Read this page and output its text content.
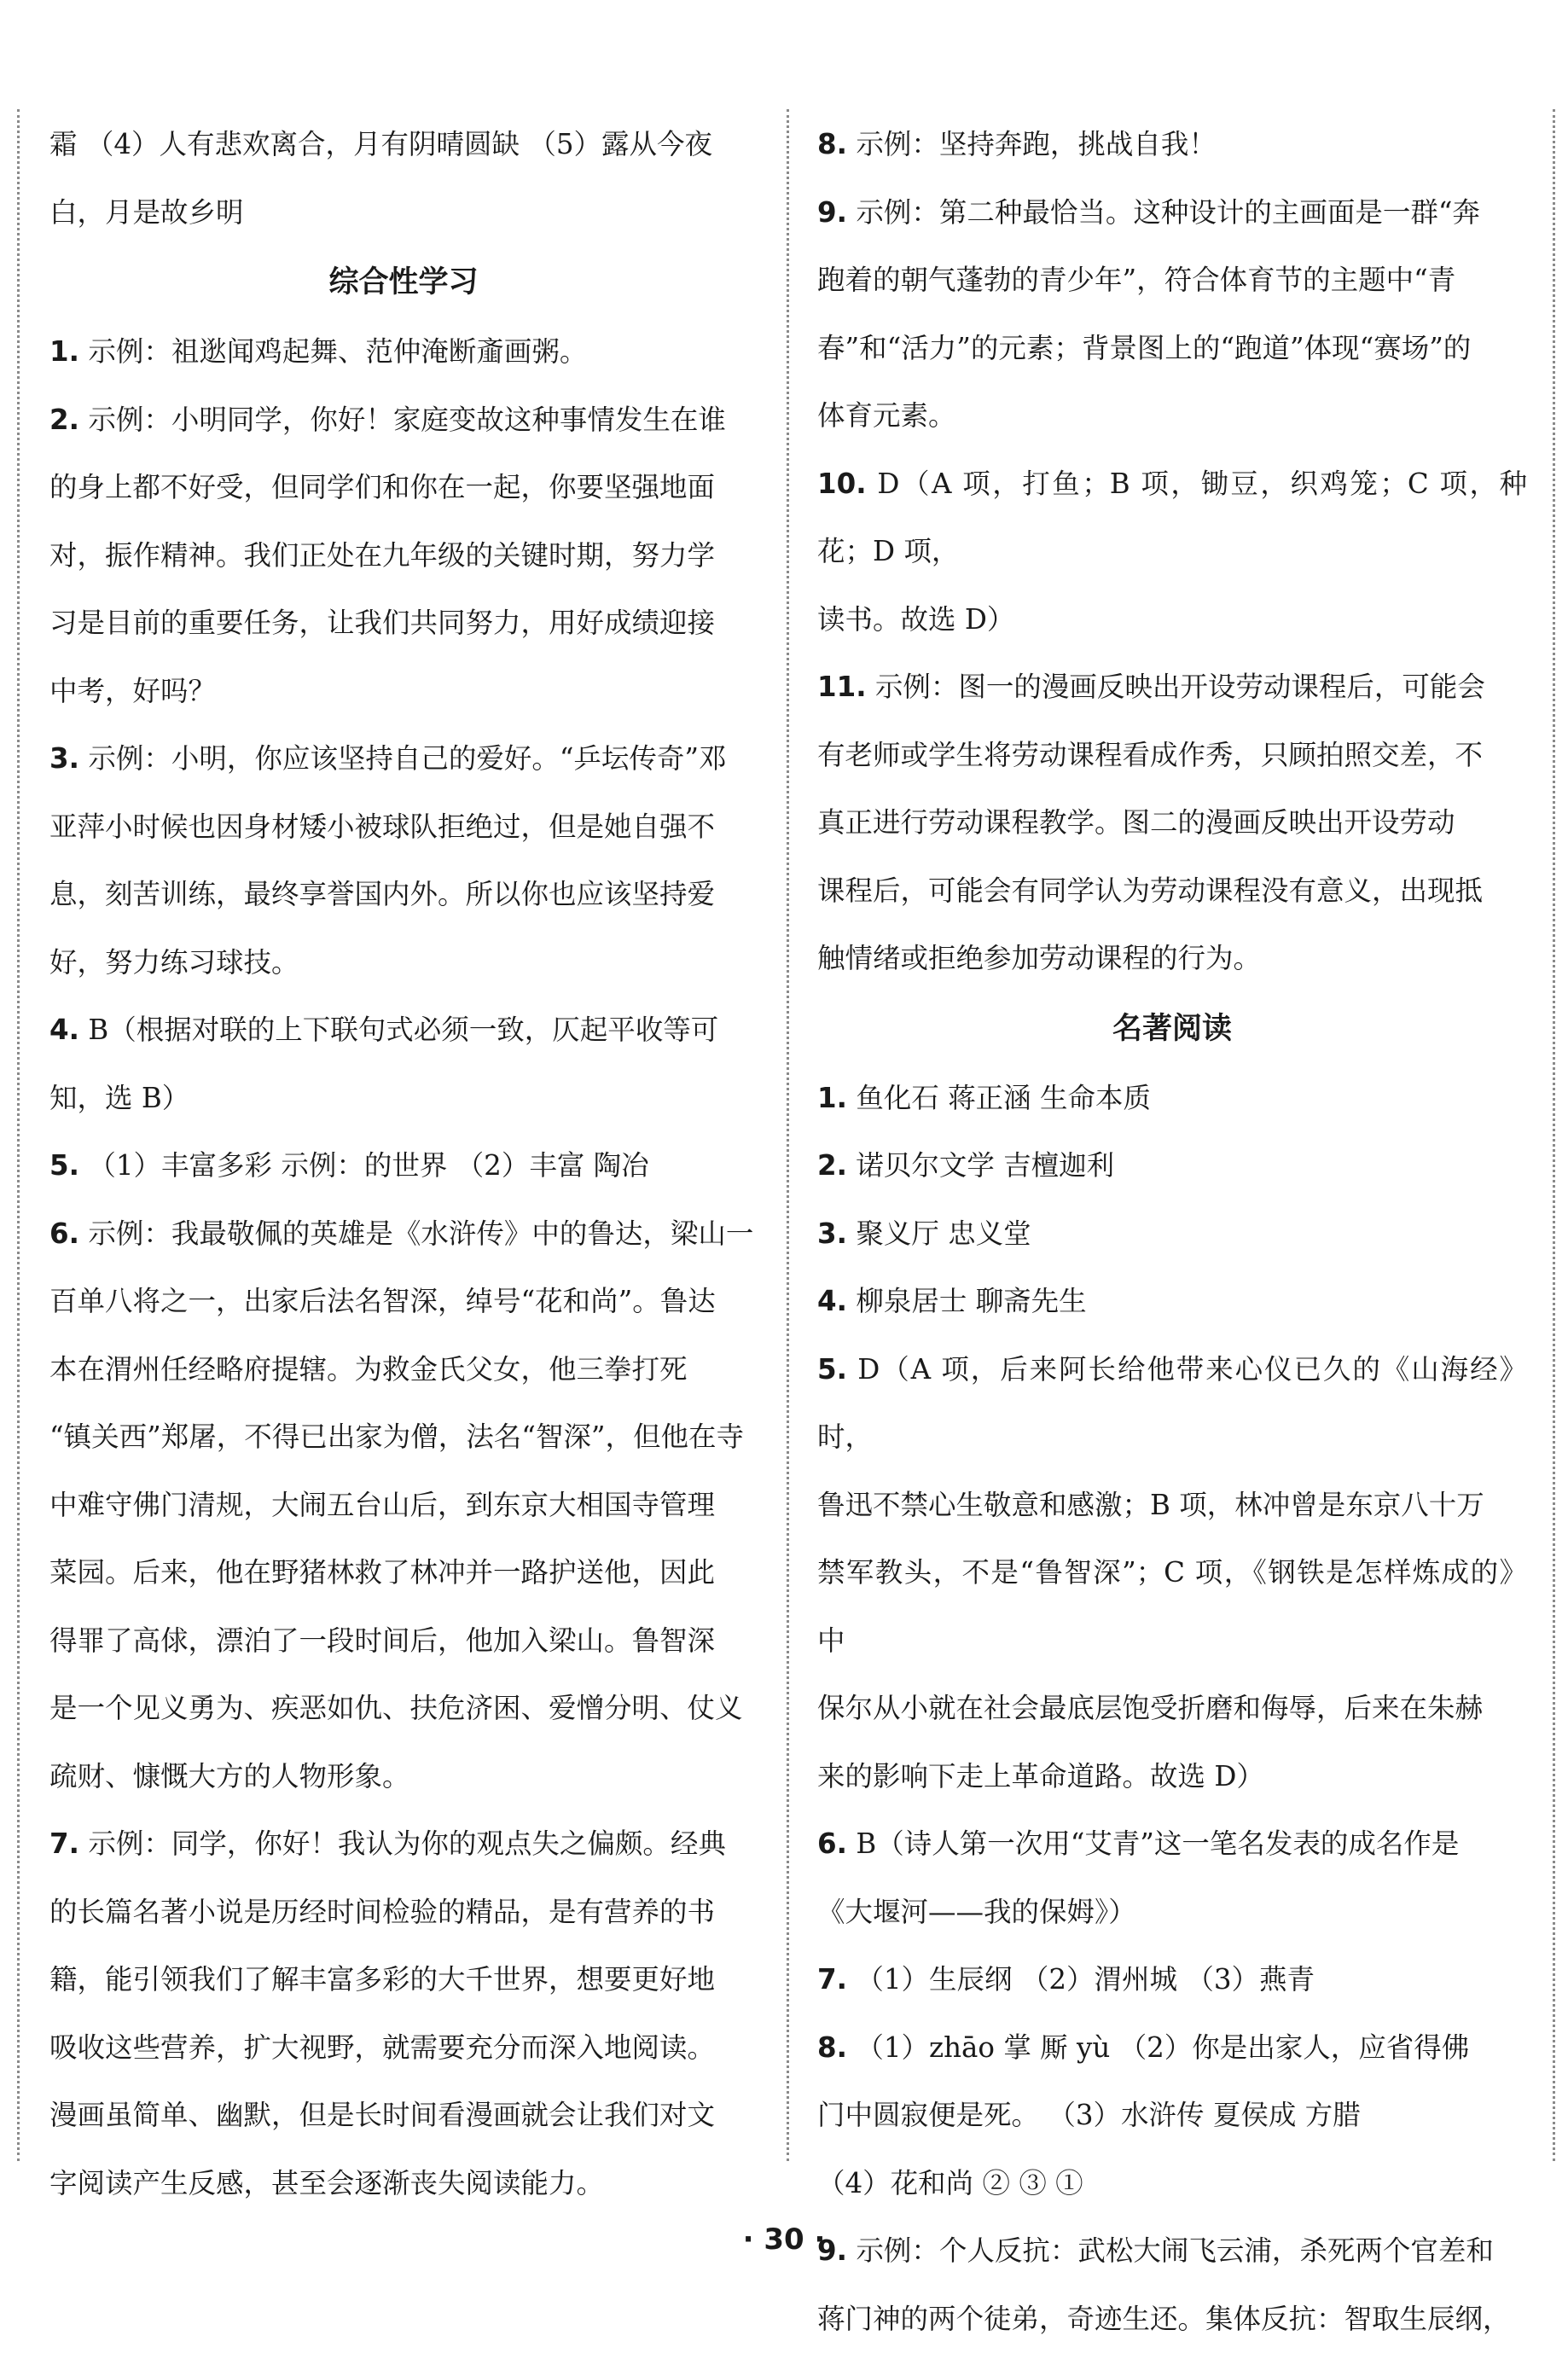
霜 （4）人有悲欢离合，月有阴晴圆缺 （5）露从今夜

白，月是故乡明

综合性学习

1. 示例：祖逖闻鸡起舞、范仲淹断齑画粥。

2. 示例：小明同学，你好！家庭变故这种事情发生在谁

的身上都不好受，但同学们和你在一起，你要坚强地面

对，振作精神。我们正处在九年级的关键时期，努力学

习是目前的重要任务，让我们共同努力，用好成绩迎接

中考，好吗？

3. 示例：小明，你应该坚持自己的爱好。“乒坛传奇”邓

亚萍小时候也因身材矮小被球队拒绝过，但是她自强不

息，刻苦训练，最终享誉国内外。所以你也应该坚持爱

好，努力练习球技。

4. B（根据对联的上下联句式必须一致，仄起平收等可

知，选 B）

5. （1）丰富多彩 示例：的世界 （2）丰富 陶冶

6. 示例：我最敬佩的英雄是《水浒传》中的鲁达，梁山一

百单八将之一，出家后法名智深，绰号“花和尚”。鲁达

本在渭州任经略府提辖。为救金氏父女，他三拳打死

“镇关西”郑屠，不得已出家为僧，法名“智深”，但他在寺

中难守佛门清规，大闹五台山后，到东京大相国寺管理

菜园。后来，他在野猪林救了林冲并一路护送他，因此

得罪了高俅，漂泊了一段时间后，他加入梁山。鲁智深

是一个见义勇为、疾恶如仇、扶危济困、爱憎分明、仗义

疏财、慷慨大方的人物形象。

7. 示例：同学，你好！我认为你的观点失之偏颇。经典

的长篇名著小说是历经时间检验的精品，是有营养的书

籍，能引领我们了解丰富多彩的大千世界，想要更好地

吸收这些营养，扩大视野，就需要充分而深入地阅读。

漫画虽简单、幽默，但是长时间看漫画就会让我们对文

字阅读产生反感，甚至会逐渐丧失阅读能力。

8. 示例：坚持奔跑，挑战自我！

9. 示例：第二种最恰当。这种设计的主画面是一群“奔

跑着的朝气蓬勃的青少年”，符合体育节的主题中“青

春”和“活力”的元素；背景图上的“跑道”体现“赛场”的

体育元素。

10. D（A 项，打鱼；B 项，锄豆，织鸡笼；C 项，种花；D 项，

读书。故选 D）

11. 示例：图一的漫画反映出开设劳动课程后，可能会

有老师或学生将劳动课程看成作秀，只顾拍照交差，不

真正进行劳动课程教学。图二的漫画反映出开设劳动

课程后，可能会有同学认为劳动课程没有意义，出现抵

触情绪或拒绝参加劳动课程的行为。

名著阅读

1. 鱼化石 蒋正涵 生命本质

2. 诺贝尔文学 吉檀迦利

3. 聚义厅 忠义堂

4. 柳泉居士 聊斋先生

5. D（A 项，后来阿长给他带来心仪已久的《山海经》时，

鲁迅不禁心生敬意和感激；B 项，林冲曾是东京八十万

禁军教头，不是“鲁智深”；C 项，《钢铁是怎样炼成的》中

保尔从小就在社会最底层饱受折磨和侮辱，后来在朱赫

来的影响下走上革命道路。故选 D）

6. B（诗人第一次用“艾青”这一笔名发表的成名作是

《大堰河——我的保姆》）

7. （1）生辰纲 （2）渭州城 （3）燕青

8. （1）zhāo 掌 厮 yù （2）你是出家人，应省得佛

门中圆寂便是死。 （3）水浒传 夏侯成 方腊

（4）花和尚 ② ③ ①

9. 示例：个人反抗：武松大闹飞云浦，杀死两个官差和

蒋门神的两个徒弟，奇迹生还。集体反抗：智取生辰纲，

· 30 ·
